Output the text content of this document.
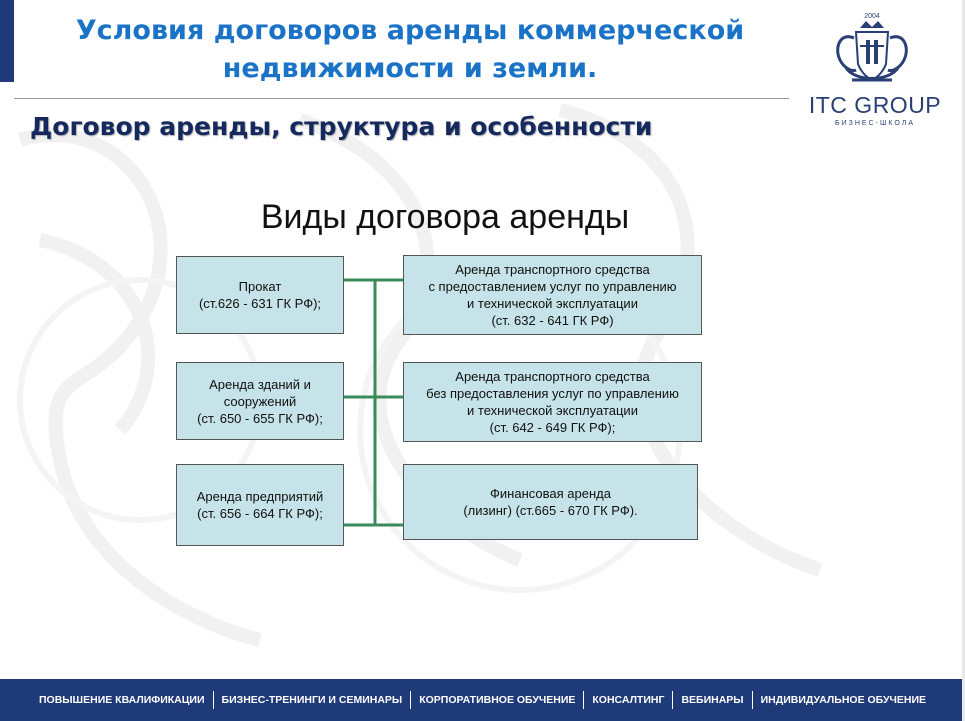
Условия договоров аренды коммерческой
недвижимости и земли.
2004
ITC GROUP
БИЗНЕС-ШКОЛА
Договор аренды, структура и особенности
Виды договора аренды
Прокат
(ст.626 - 631 ГК РФ);
Аренда зданий и
сооружений
(ст. 650 - 655 ГК РФ);
Аренда предприятий
(ст. 656 - 664 ГК РФ);
Аренда транспортного средства
с предоставлением услуг по управлению
и технической эксплуатации
(ст. 632 - 641 ГК РФ)
Аренда транспортного средства
без предоставления услуг по управлению
и технической эксплуатации
(ст. 642 - 649 ГК РФ);
Финансовая аренда
(лизинг) (ст.665 - 670 ГК РФ).
ПОВЫШЕНИЕ КВАЛИФИКАЦИИ	БИЗНЕС-ТРЕНИНГИ И СЕМИНАРЫ	КОРПОРАТИВНОЕ ОБУЧЕНИЕ	КОНСАЛТИНГ	ВЕБИНАРЫ	ИНДИВИДУАЛЬНОЕ ОБУЧЕНИЕ
